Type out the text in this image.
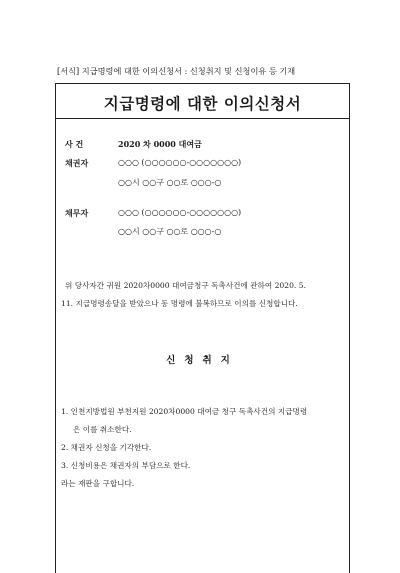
[서식] 지급명령에 대한 이의신청서 : 신청취지 및 신청이유 등 기재
지급명령에 대한 이의신청서
사 건	2020 차 0000 대여금
채권자	○○○ (○○○○○○-○○○○○○○)
○○시 ○○구 ○○로 ○○○-○
채무자	○○○ (○○○○○○-○○○○○○○)
○○시 ○○구 ○○로 ○○○-○
위 당사자간 귀원 2020차0000 대여금청구 독촉사건에 관하여 2020. 5.
11. 지급명령송달을 받았으나 동 명령에 불복하므로 이의를 신청합니다.
신청취지
1. 인천지방법원 부천지원 2020차0000 대여금 청구 독촉사건의 지급명령
은 이를 취소한다.
2. 채권자 신청을 기각한다.
3. 신청비용은 채권자의 부담으로 한다.
라는 재판을 구합니다.
